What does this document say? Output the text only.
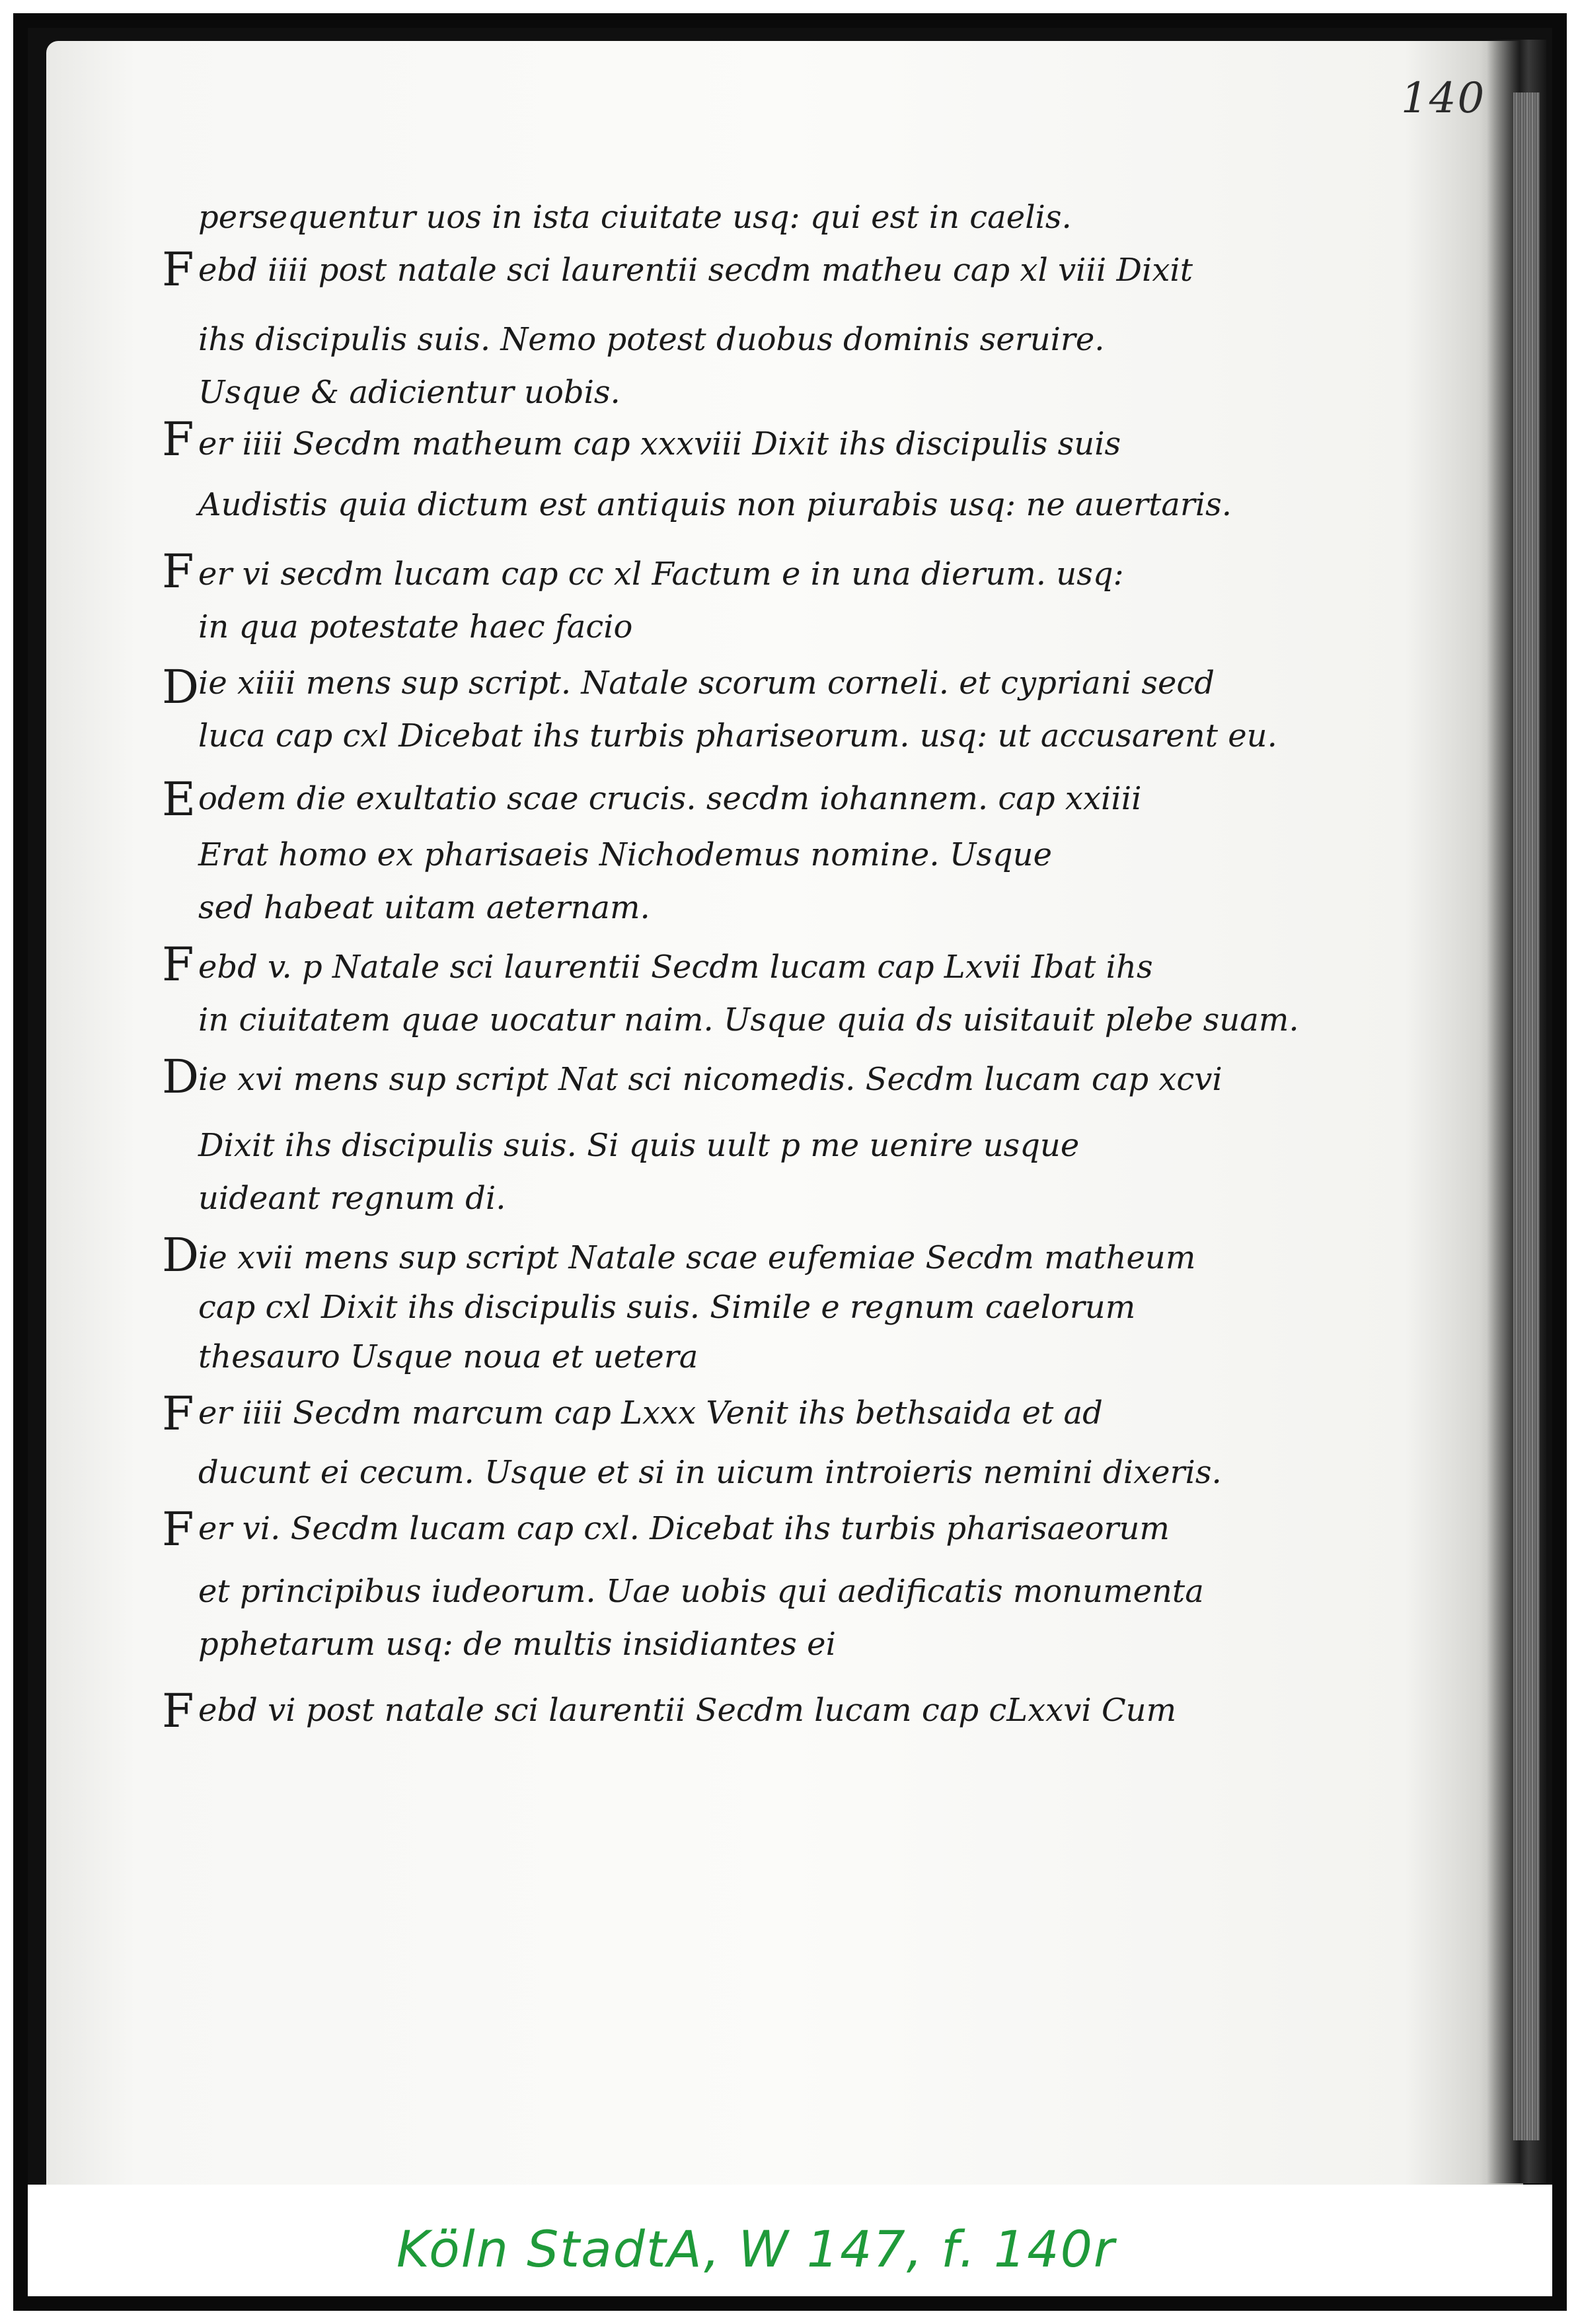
140
F
F
F
D
E
F
D
D
F
F
F
persequentur uos in ista ciuitate usq: qui est in caelis.
ebd iiii post natale sci laurentii secdm matheu cap xl viii Dixit
ihs discipulis suis. Nemo potest duobus dominis seruire.
Usque & adicientur uobis.
er iiii Secdm matheum cap xxxviii Dixit ihs discipulis suis
Audistis quia dictum est antiquis non piurabis usq: ne auertaris.
er vi secdm lucam cap cc xl Factum e in una dierum. usq:
in qua potestate haec facio
ie xiiii mens sup script. Natale scorum corneli. et cypriani secd
luca cap cxl Dicebat ihs turbis phariseorum. usq: ut accusarent eu.
odem die exultatio scae crucis. secdm iohannem. cap xxiiii
Erat homo ex pharisaeis Nichodemus nomine. Usque
sed habeat uitam aeternam.
ebd v. p Natale sci laurentii Secdm lucam cap Lxvii Ibat ihs
in ciuitatem quae uocatur naim. Usque quia ds uisitauit plebe suam.
ie xvi mens sup script Nat sci nicomedis. Secdm lucam cap xcvi
Dixit ihs discipulis suis. Si quis uult p me uenire usque
uideant regnum di.
ie xvii mens sup script Natale scae eufemiae Secdm matheum
cap cxl Dixit ihs discipulis suis. Simile e regnum caelorum
thesauro Usque noua et uetera
er iiii Secdm marcum cap Lxxx Venit ihs bethsaida et ad
ducunt ei cecum. Usque et si in uicum introieris nemini dixeris.
er vi. Secdm lucam cap cxl. Dicebat ihs turbis pharisaeorum
et principibus iudeorum. Uae uobis qui aedificatis monumenta
pphetarum usq: de multis insidiantes ei
ebd vi post natale sci laurentii Secdm lucam cap cLxxvi Cum
Köln StadtA, W 147, f. 140r
